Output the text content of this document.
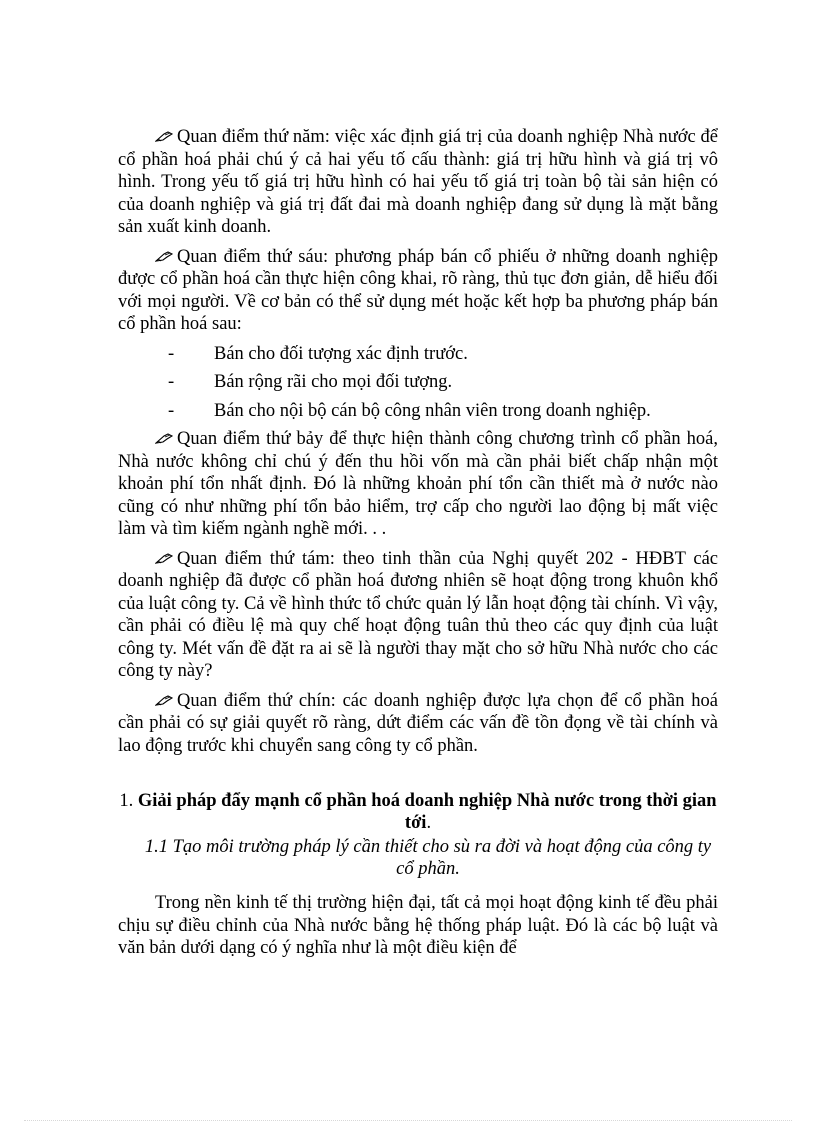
Quan điểm thứ năm: việc xác định giá trị của doanh nghiệp Nhà nước để cổ phần hoá phải chú ý cả hai yếu tố cấu thành: giá trị hữu hình và giá trị vô hình. Trong yếu tố giá trị hữu hình có hai yếu tố giá trị toàn bộ tài sản hiện có của doanh nghiệp và giá trị đất đai mà doanh nghiệp đang sử dụng là mặt bằng sản xuất kinh doanh.

Quan điểm thứ sáu: phương pháp bán cổ phiếu ở những doanh nghiệp được cổ phần hoá cần thực hiện công khai, rõ ràng, thủ tục đơn giản, dễ hiểu đối với mọi người. Về cơ bản có thể sử dụng mét hoặc kết hợp ba phương pháp bán cổ phần hoá sau:

- Bán cho đối tượng xác định trước.
- Bán rộng rãi cho mọi đối tượng.
- Bán cho nội bộ cán bộ công nhân viên trong doanh nghiệp.

Quan điểm thứ bảy để thực hiện thành công chương trình cổ phần hoá, Nhà nước không chỉ chú ý đến thu hồi vốn mà cần phải biết chấp nhận một khoản phí tổn nhất định. Đó là những khoản phí tổn cần thiết mà ở nước nào cũng có như những phí tổn bảo hiểm, trợ cấp cho người lao động bị mất việc làm và tìm kiếm ngành nghề mới. . .

Quan điểm thứ tám: theo tinh thần của Nghị quyết 202 - HĐBT các doanh nghiệp đã được cổ phần hoá đương nhiên sẽ hoạt động trong khuôn khổ của luật công ty. Cả về hình thức tổ chức quản lý lẫn hoạt động tài chính. Vì vậy, cần phải có điều lệ mà quy chế hoạt động tuân thủ theo các quy định của luật công ty. Mét vấn đề đặt ra ai sẽ là người thay mặt cho sở hữu Nhà nước cho các công ty này?

Quan điểm thứ chín: các doanh nghiệp được lựa chọn để cổ phần hoá cần phải có sự giải quyết rõ ràng, dứt điểm các vấn đề tồn đọng về tài chính và lao động trước khi chuyển sang công ty cổ phần.

1. Giải pháp đẩy mạnh cổ phần hoá doanh nghiệp Nhà nước trong thời gian tới.
1.1 Tạo môi trường pháp lý cần thiết cho sù ra đời và hoạt động của công ty cổ phần.

Trong nền kinh tế thị trường hiện đại, tất cả mọi hoạt động kinh tế đều phải chịu sự điều chỉnh của Nhà nước bằng hệ thống pháp luật. Đó là các bộ luật và văn bản dưới dạng có ý nghĩa như là một điều kiện để
